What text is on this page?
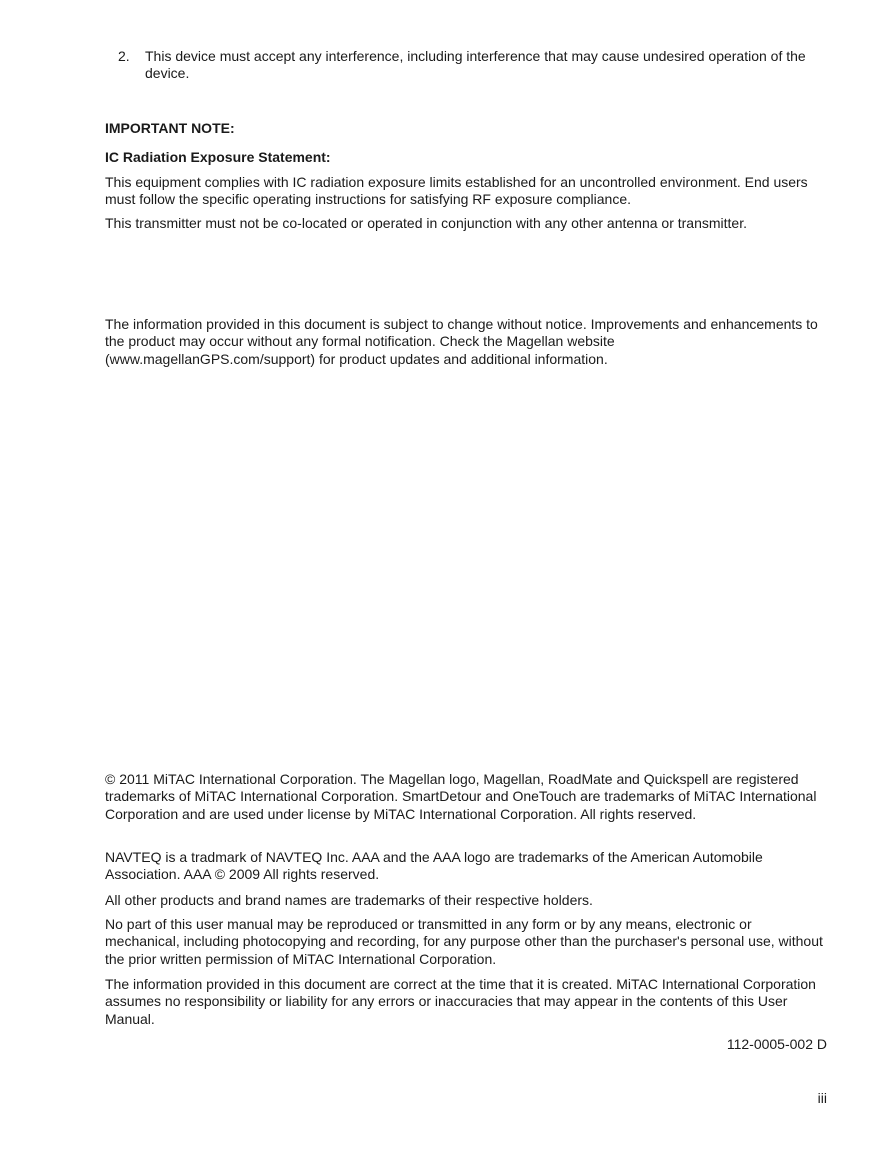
2.	This device must accept any interference, including interference that may cause undesired operation of the device.

IMPORTANT NOTE:

IC Radiation Exposure Statement:

This equipment complies with IC radiation exposure limits established for an uncontrolled environment. End users must follow the specific operating instructions for satisfying RF exposure compliance.

This transmitter must not be co-located or operated in conjunction with any other antenna or transmitter.

The information provided in this document is subject to change without notice. Improvements and enhancements to the product may occur without any formal notification. Check the Magellan website (www.magellanGPS.com/support) for product updates and additional information.

© 2011 MiTAC International Corporation. The Magellan logo, Magellan, RoadMate and Quickspell are registered trademarks of MiTAC International Corporation. SmartDetour and OneTouch are trademarks of MiTAC International Corporation and are used under license by MiTAC International Corporation. All rights reserved.

NAVTEQ is a tradmark of NAVTEQ Inc. AAA and the AAA logo are trademarks of the American Automobile Association. AAA © 2009 All rights reserved.

All other products and brand names are trademarks of their respective holders.

No part of this user manual may be reproduced or transmitted in any form or by any means, electronic or mechanical, including photocopying and recording, for any purpose other than the purchaser's personal use, without the prior written permission of MiTAC International Corporation.

The information provided in this document are correct at the time that it is created. MiTAC International Corporation assumes no responsibility or liability for any errors or inaccuracies that may appear in the contents of this User Manual.

112-0005-002 D

iii
